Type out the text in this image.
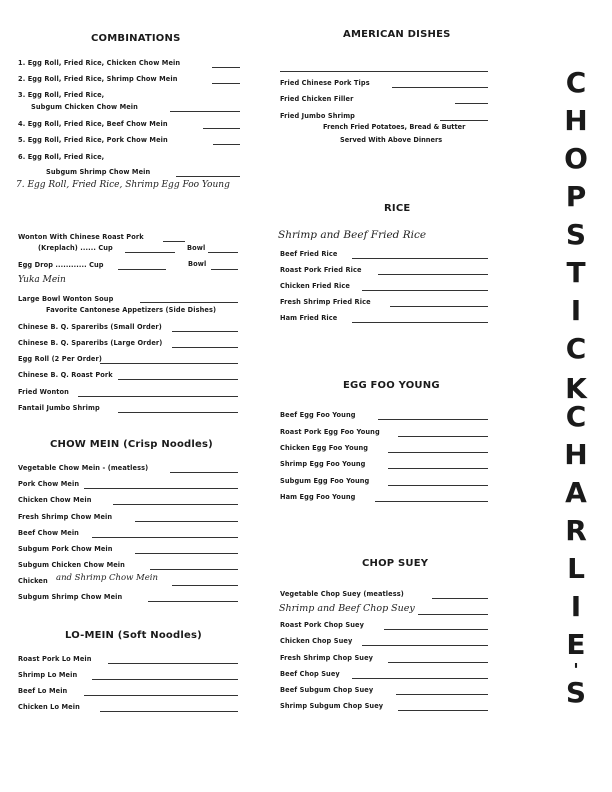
COMBINATIONS
1. Egg Roll, Fried Rice, Chicken Chow Mein
2. Egg Roll, Fried Rice, Shrimp Chow Mein
3. Egg Roll, Fried Rice,
Subgum Chicken Chow Mein
4. Egg Roll, Fried Rice, Beef Chow Mein
5. Egg Roll, Fried Rice, Pork Chow Mein
6. Egg Roll, Fried Rice,
Subgum Shrimp Chow Mein
7. Egg Roll, Fried Rice, Shrimp Egg Foo Young
Wonton With Chinese Roast Pork
(Kreplach) ...... Cup	Bowl
Egg Drop ............ Cup	Bowl
Yuka Mein
Large Bowl Wonton Soup
Favorite Cantonese Appetizers (Side Dishes)
Chinese B. Q. Spareribs (Small Order)
Chinese B. Q. Spareribs (Large Order)
Egg Roll (2 Per Order)
Chinese B. Q. Roast Pork
Fried Wonton
Fantail Jumbo Shrimp
CHOW MEIN (Crisp Noodles)
Vegetable Chow Mein - (meatless)
Pork Chow Mein
Chicken Chow Mein
Fresh Shrimp Chow Mein
Beef Chow Mein
Subgum Pork Chow Mein
Subgum Chicken Chow Mein
Chicken and Shrimp Chow Mein
Subgum Shrimp Chow Mein
LO-MEIN (Soft Noodles)
Roast Pork Lo Mein
Shrimp Lo Mein
Beef Lo Mein
Chicken Lo Mein
AMERICAN DISHES
Fried Chinese Pork Tips
Fried Chicken Filler
Fried Jumbo Shrimp
French Fried Potatoes, Bread & Butter
Served With Above Dinners
RICE
Shrimp and Beef Fried Rice
Beef Fried Rice
Roast Pork Fried Rice
Chicken Fried Rice
Fresh Shrimp Fried Rice
Ham Fried Rice
EGG FOO YOUNG
Beef Egg Foo Young
Roast Pork Egg Foo Young
Chicken Egg Foo Young
Shrimp Egg Foo Young
Subgum Egg Foo Young
Ham Egg Foo Young
CHOP SUEY
Vegetable Chop Suey (meatless)
Shrimp and Beef Chop Suey
Roast Pork Chop Suey
Chicken Chop Suey
Fresh Shrimp Chop Suey
Beef Chop Suey
Beef Subgum Chop Suey
Shrimp Subgum Chop Suey
C
H
O
P
S
T
I
C
K
C
H
A
R
L
I
E
'
S
